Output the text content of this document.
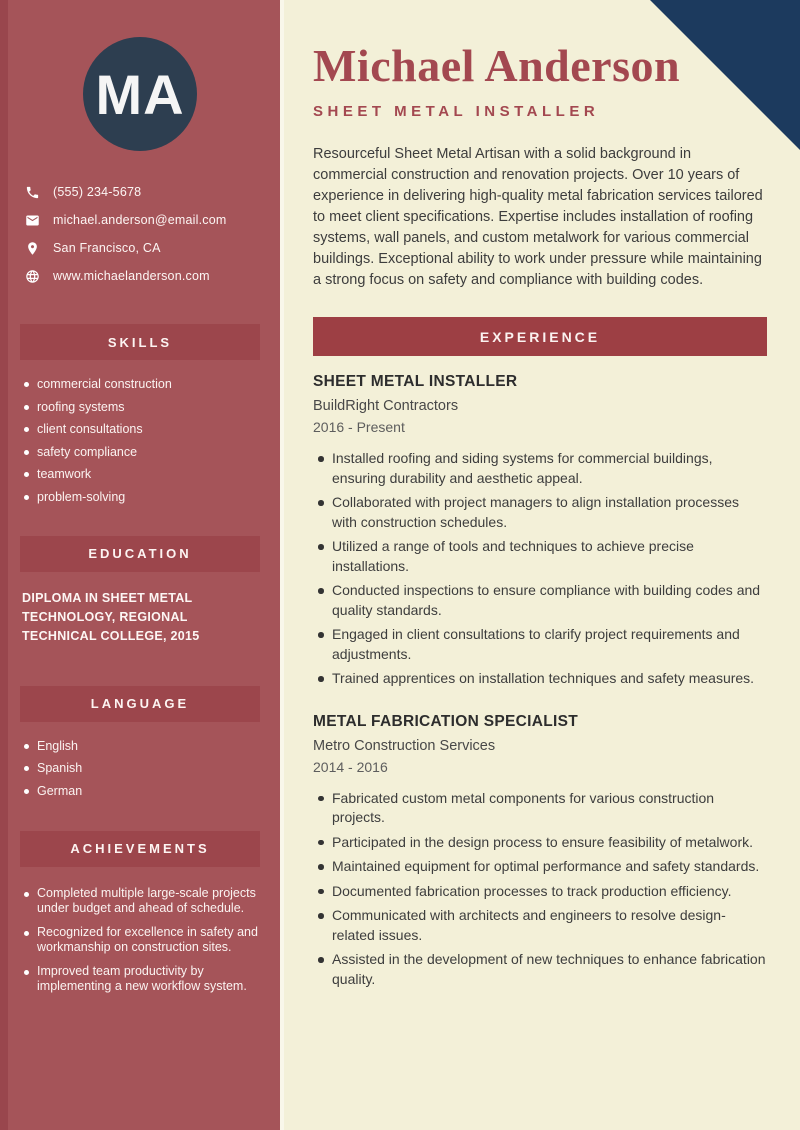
MA
(555) 234-5678
michael.anderson@email.com
San Francisco, CA
www.michaelanderson.com
SKILLS
commercial construction
roofing systems
client consultations
safety compliance
teamwork
problem-solving
EDUCATION
DIPLOMA IN SHEET METAL TECHNOLOGY, REGIONAL TECHNICAL COLLEGE, 2015
LANGUAGE
English
Spanish
German
ACHIEVEMENTS
Completed multiple large-scale projects under budget and ahead of schedule.
Recognized for excellence in safety and workmanship on construction sites.
Improved team productivity by implementing a new workflow system.
Michael Anderson
SHEET METAL INSTALLER

Resourceful Sheet Metal Artisan with a solid background in commercial construction and renovation projects. Over 10 years of experience in delivering high-quality metal fabrication services tailored to meet client specifications. Expertise includes installation of roofing systems, wall panels, and custom metalwork for various commercial buildings. Exceptional ability to work under pressure while maintaining a strong focus on safety and compliance with building codes.

EXPERIENCE
SHEET METAL INSTALLER
BuildRight Contractors
2016 - Present
Installed roofing and siding systems for commercial buildings, ensuring durability and aesthetic appeal.
Collaborated with project managers to align installation processes with construction schedules.
Utilized a range of tools and techniques to achieve precise installations.
Conducted inspections to ensure compliance with building codes and quality standards.
Engaged in client consultations to clarify project requirements and adjustments.
Trained apprentices on installation techniques and safety measures.
METAL FABRICATION SPECIALIST
Metro Construction Services
2014 - 2016
Fabricated custom metal components for various construction projects.
Participated in the design process to ensure feasibility of metalwork.
Maintained equipment for optimal performance and safety standards.
Documented fabrication processes to track production efficiency.
Communicated with architects and engineers to resolve design-related issues.
Assisted in the development of new techniques to enhance fabrication quality.
